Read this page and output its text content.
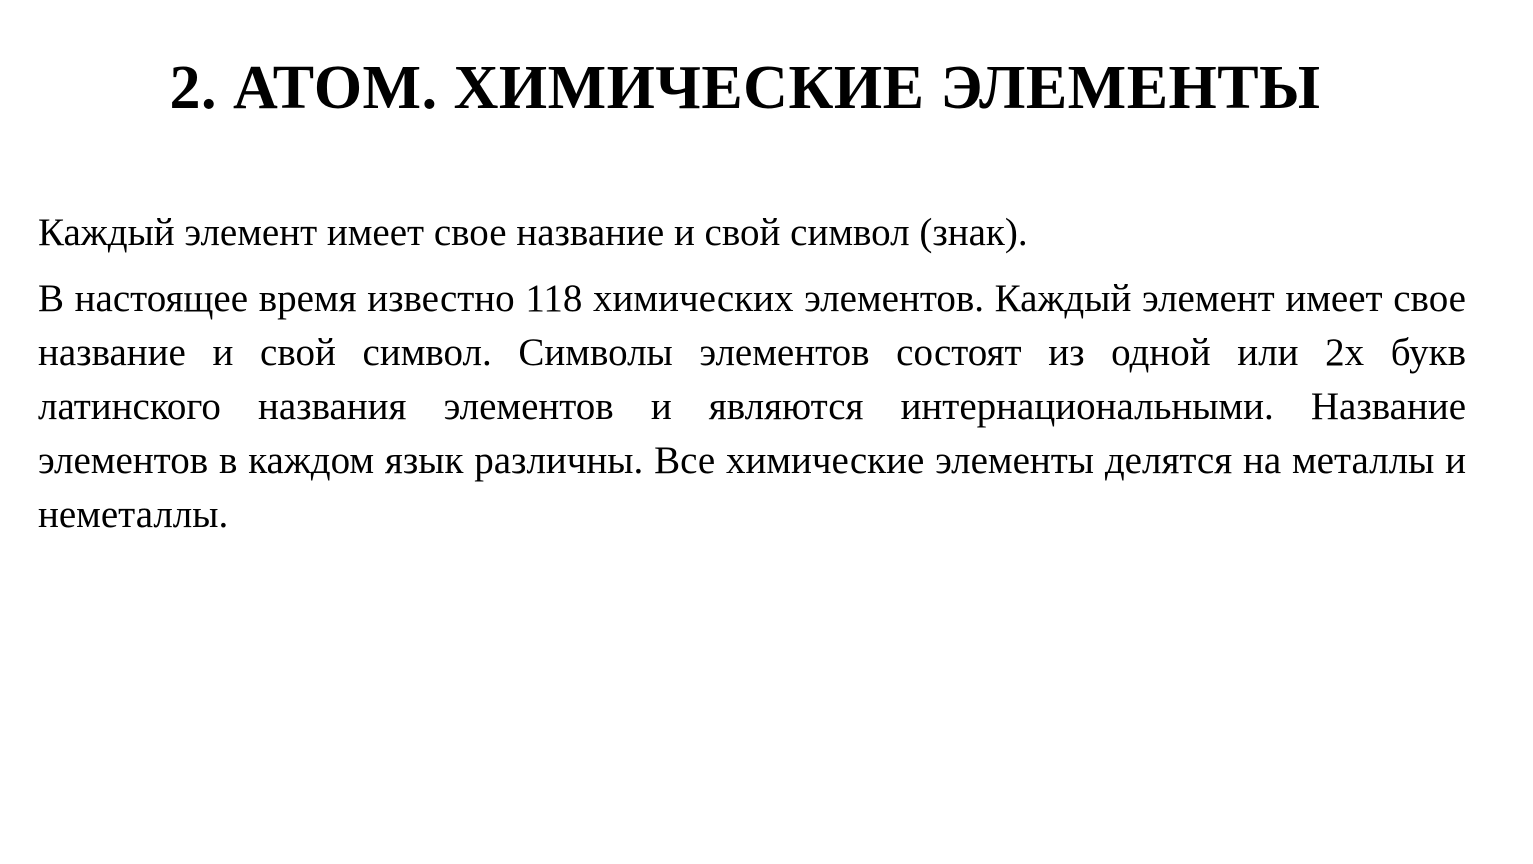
2. АТОМ. ХИМИЧЕСКИЕ ЭЛЕМЕНТЫ

Каждый элемент имеет свое название и свой символ (знак).

В настоящее время известно 118 химических элементов. Каждый элемент имеет свое название и свой символ. Символы элементов состоят из одной или 2х букв латинского названия элементов и являются интернациональными. Название элементов в каждом язык различны. Все химические элементы делятся на металлы и неметаллы.
